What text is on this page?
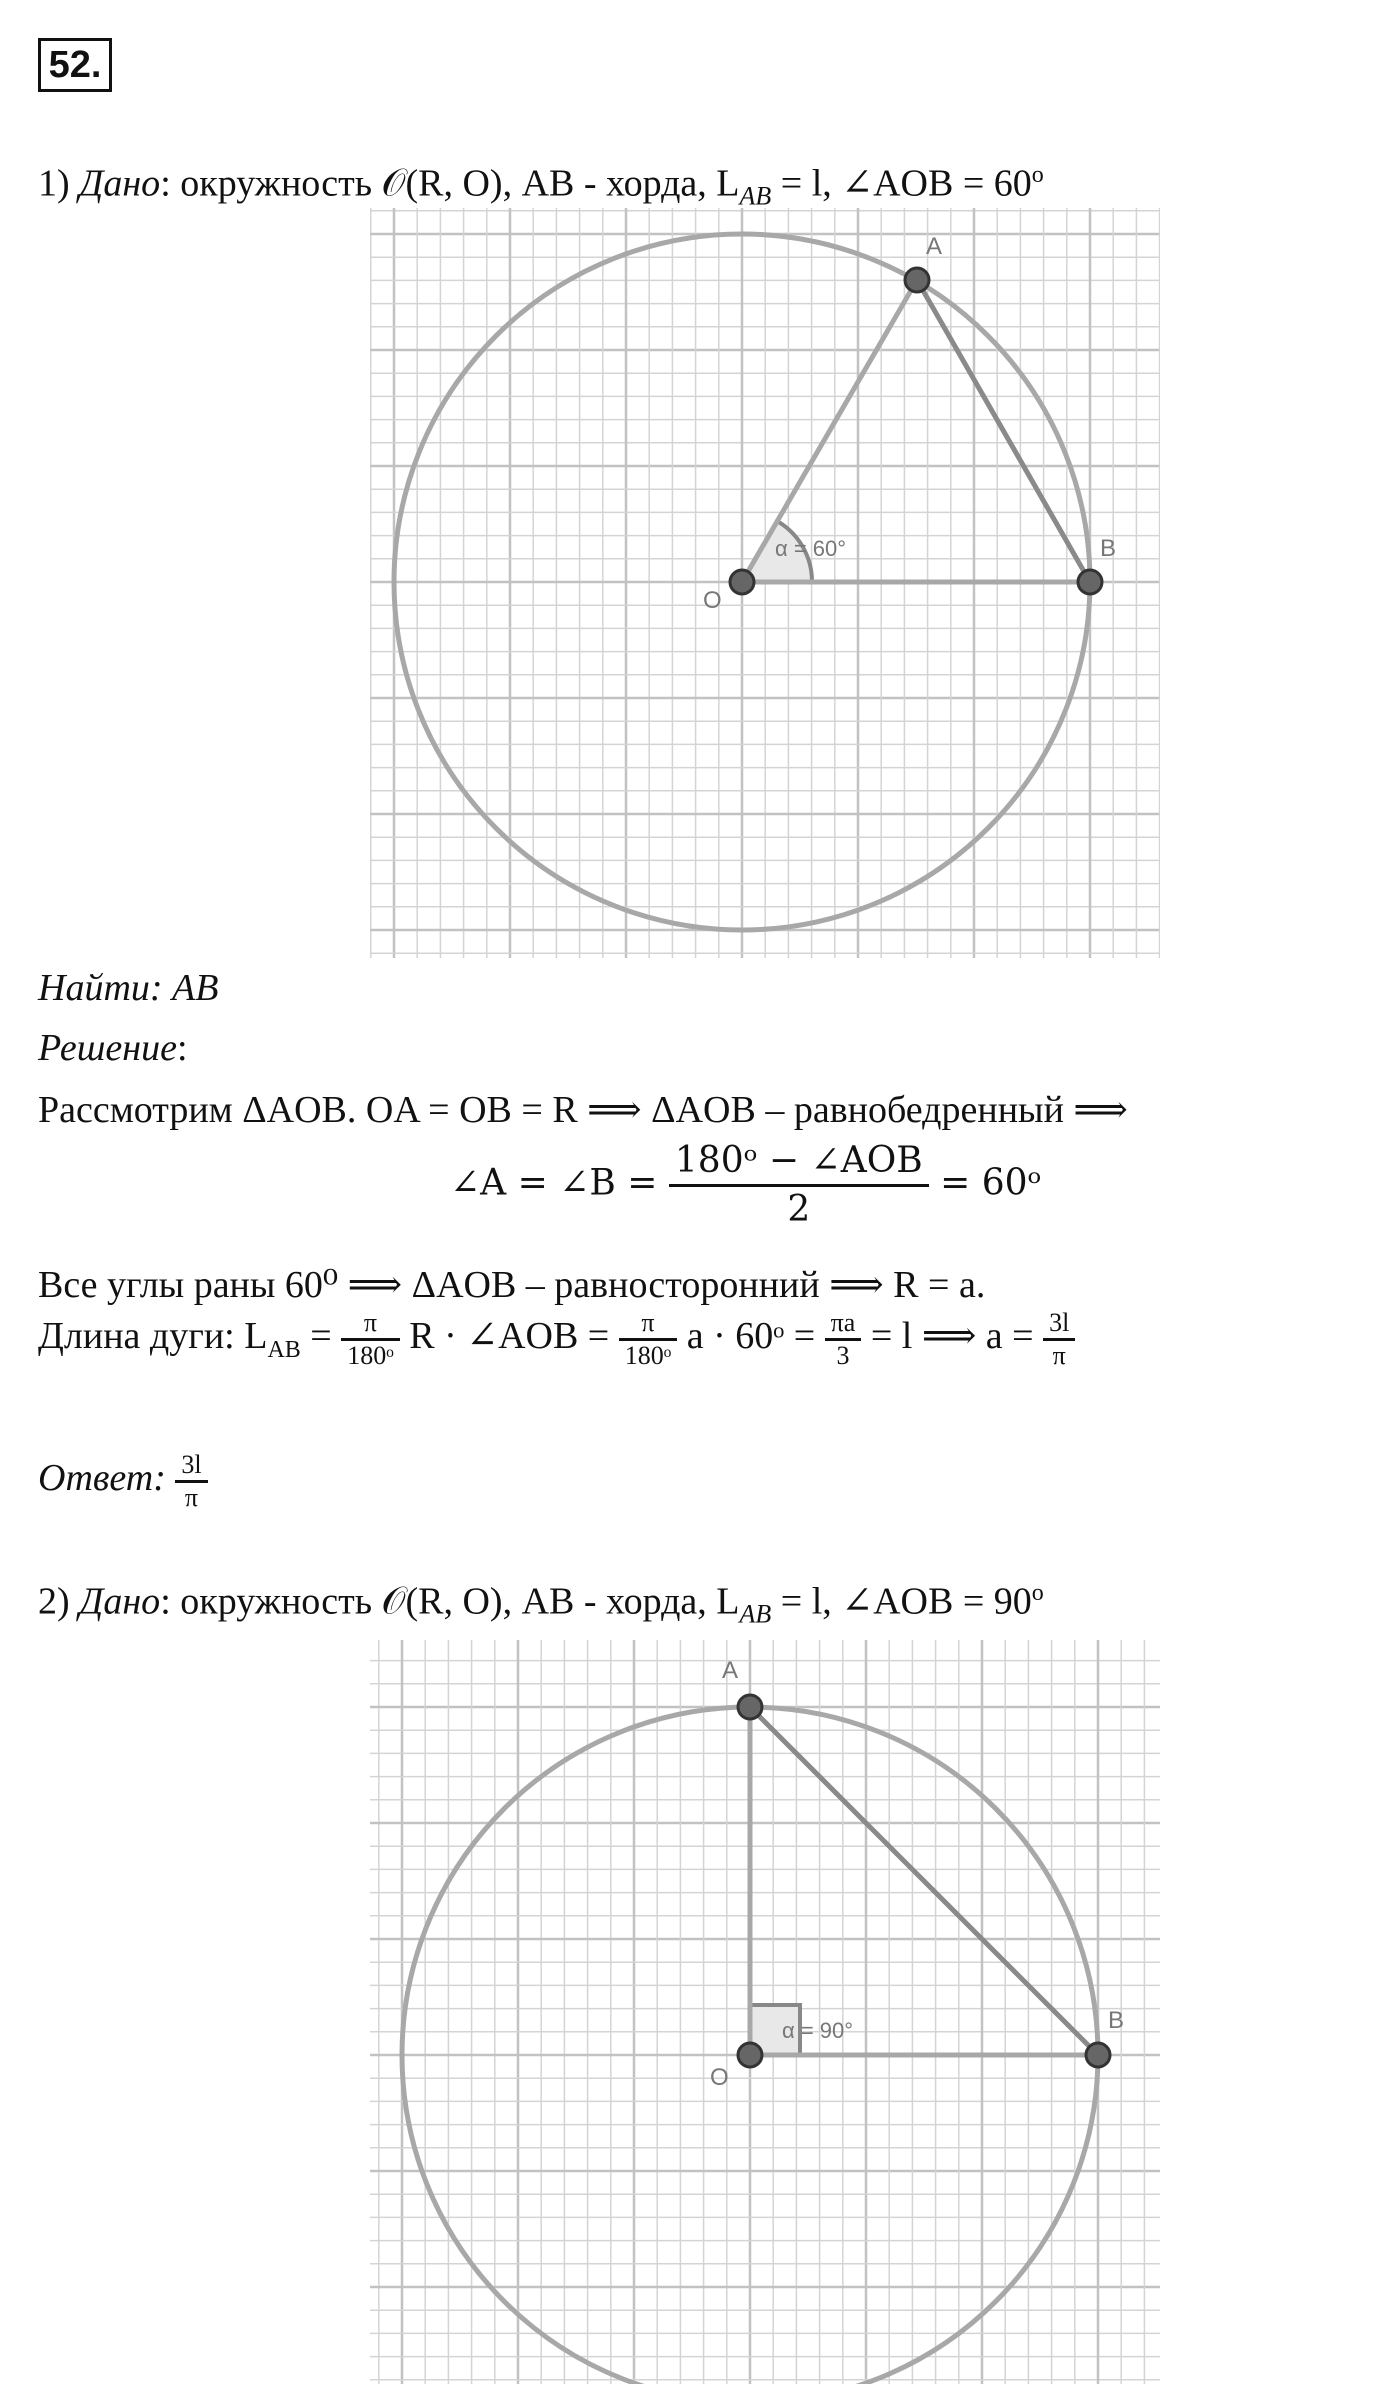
52.
1) Дано: окружность 𝒪(R, O), AB - хорда, $L_{AB} = l$, ∠AOB = $60^o$
A
B
O
α = 60°
Найти: AB
Решение:
Рассмотрим ΔAOB. OA = OB = R ⟹ ΔAOB – равнобедренный ⟹
∠A = ∠B = $\frac{\text{180ᵒ − ∠AOB}}{2}$ = 60ᵒ
Все углы раны 60⁰ ⟹ ΔAOB – равносторонний ⟹ R = a.
Длина дуги: $L_{AB} = \frac{\pi}{\text{180ᵒ}}$ R · ∠AOB = $\frac{\pi}{\text{180ᵒ}}$ a · 60ᵒ = $\frac{\pi a}{3} = l$ ⟹ $a = \frac{3l}{\pi}$
Ответ: $\frac{3l}{\pi}$
2) Дано: окружность 𝒪(R, O), AB - хорда, $L_{AB} = l$, ∠AOB = $90^o$
A
B
O
α = 90°
